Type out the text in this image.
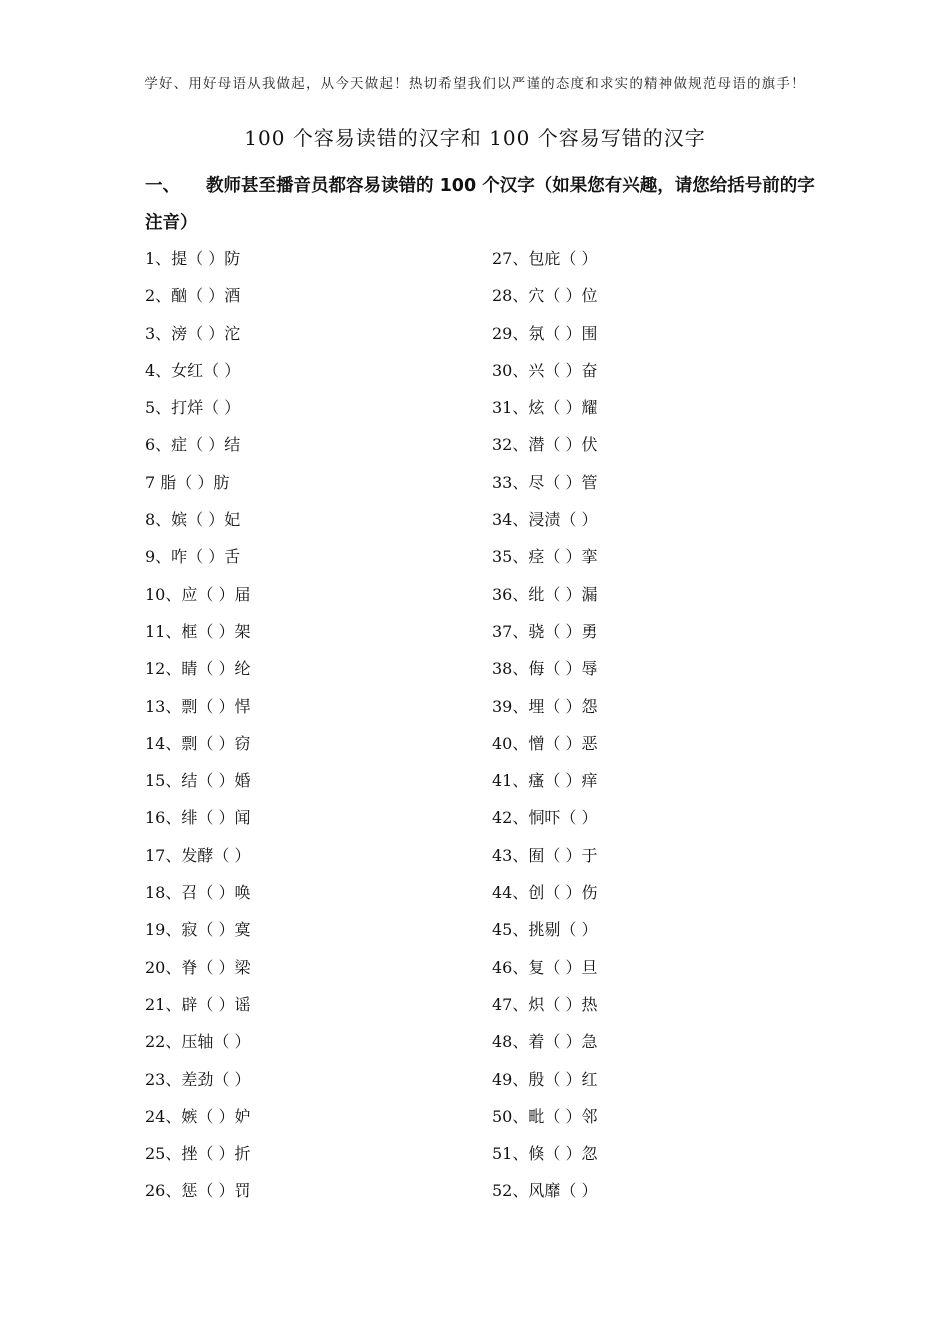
学好、用好母语从我做起，从今天做起！热切希望我们以严谨的态度和求实的精神做规范母语的旗手！
100 个容易读错的汉字和 100 个容易写错的汉字
一、 教师甚至播音员都容易读错的 100 个汉字（如果您有兴趣，请您给括号前的字注音）
1、提（ ）防
2、酗（ ）酒
3、滂（ ）沱
4、女红（ ）
5、打烊（ ）
6、症（ ）结
7 脂（ ）肪
8、嫔（ ）妃
9、咋（ ）舌
10、应（ ）届
11、框（ ）架
12、睛（ ）纶
13、剽（ ）悍
14、剽（ ）窃
15、结（ ）婚
16、绯（ ）闻
17、发酵（ ）
18、召（ ）唤
19、寂（ ）寞
20、脊（ ）梁
21、辟（ ）谣
22、压轴（ ）
23、差劲（ ）
24、嫉（ ）妒
25、挫（ ）折
26、惩（ ）罚
27、包庇（ ）
28、穴（ ）位
29、氛（ ）围
30、兴（ ）奋
31、炫（ ）耀
32、潜（ ）伏
33、尽（ ）管
34、浸渍（ ）
35、痉（ ）挛
36、纰（ ）漏
37、骁（ ）勇
38、侮（ ）辱
39、埋（ ）怨
40、憎（ ）恶
41、瘙（ ）痒
42、恫吓（ ）
43、囿（ ）于
44、创（ ）伤
45、挑剔（ ）
46、复（ ）旦
47、炽（ ）热
48、着（ ）急
49、殷（ ）红
50、毗（ ）邻
51、倏（ ）忽
52、风靡（ ）
